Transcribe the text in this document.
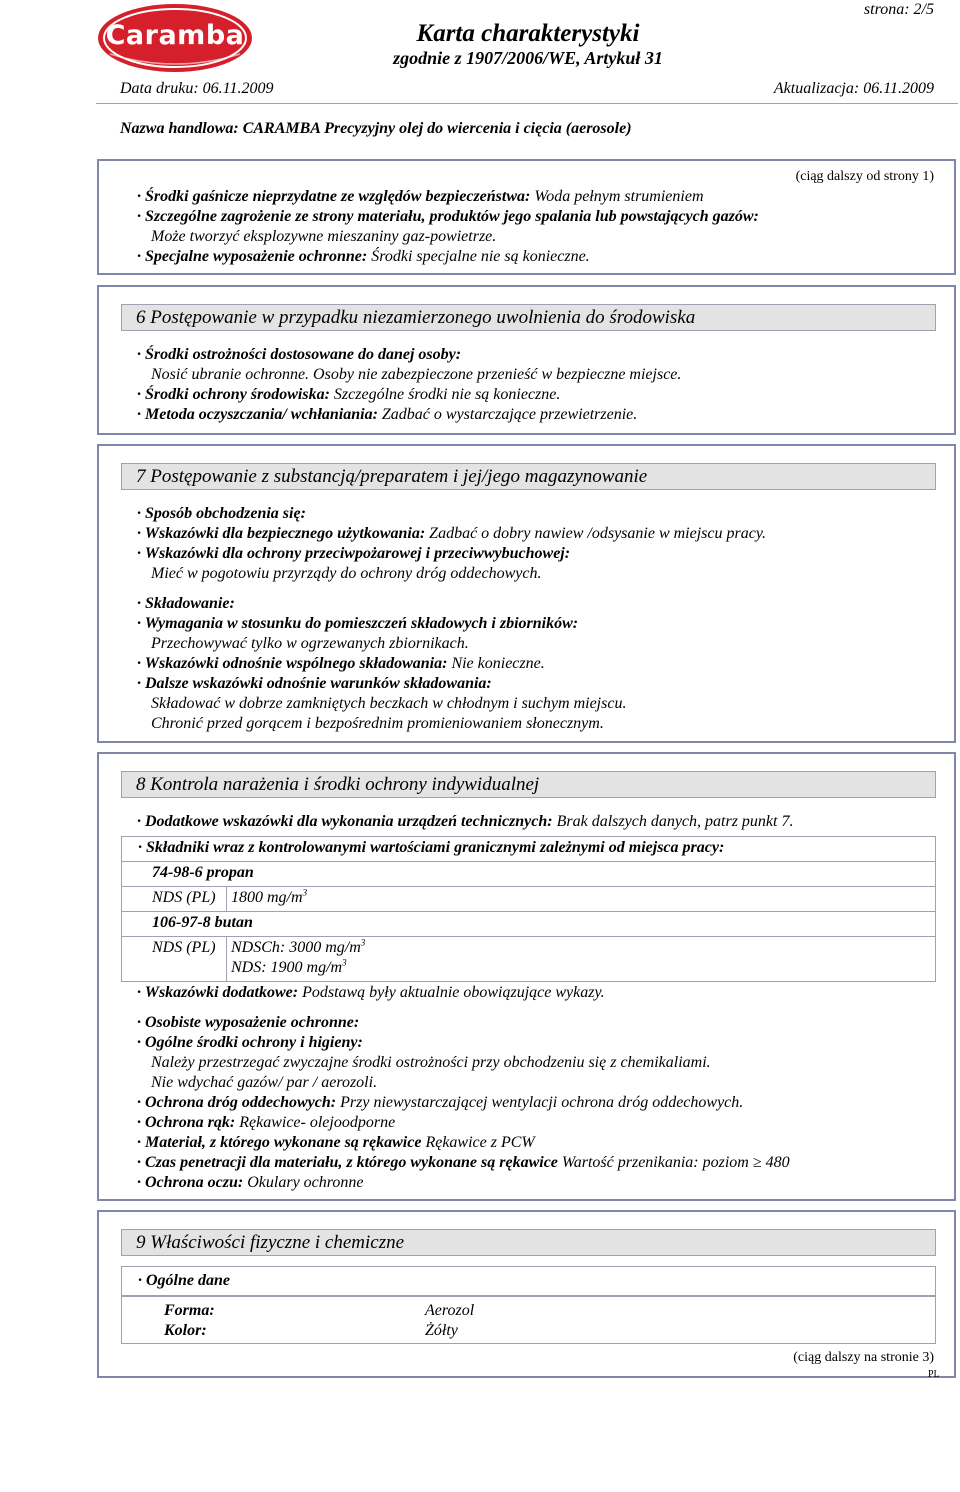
Caramba	Karta charakterystyki
zgodnie z 1907/2006/WE, Artykuł 31
strona: 2/5
Data druku: 06.11.2009	Aktualizacja: 06.11.2009
Nazwa handlowa: CARAMBA Precyzyjny olej do wiercenia i cięcia (aerosole)
(ciąg dalszy od strony 1)
· Środki gaśnicze nieprzydatne ze względów bezpieczeństwa: Woda pełnym strumieniem
· Szczególne zagrożenie ze strony materiału, produktów jego spalania lub powstających gazów:
Może tworzyć eksplozywne mieszaniny gaz-powietrze.
· Specjalne wyposażenie ochronne: Środki specjalne nie są konieczne.
6 Postępowanie w przypadku niezamierzonego uwolnienia do środowiska
· Środki ostrożności dostosowane do danej osoby:
Nosić ubranie ochronne. Osoby nie zabezpieczone przenieść w bezpieczne miejsce.
· Środki ochrony środowiska: Szczególne środki nie są konieczne.
· Metoda oczyszczania/ wchłaniania: Zadbać o wystarczające przewietrzenie.
7 Postępowanie z substancją/preparatem i jej/jego magazynowanie
· Sposób obchodzenia się:
· Wskazówki dla bezpiecznego użytkowania: Zadbać o dobry nawiew /odsysanie w miejscu pracy.
· Wskazówki dla ochrony przeciwpożarowej i przeciwwybuchowej:
Mieć w pogotowiu przyrządy do ochrony dróg oddechowych.
· Składowanie:
· Wymagania w stosunku do pomieszczeń składowych i zbiorników:
Przechowywać tylko w ogrzewanych zbiornikach.
· Wskazówki odnośnie wspólnego składowania: Nie konieczne.
· Dalsze wskazówki odnośnie warunków składowania:
Składować w dobrze zamkniętych beczkach w chłodnym i suchym miejscu.
Chronić przed gorącem i bezpośrednim promieniowaniem słonecznym.
8 Kontrola narażenia i środki ochrony indywidualnej
· Dodatkowe wskazówki dla wykonania urządzeń technicznych: Brak dalszych danych, patrz punkt 7.
· Składniki wraz z kontrolowanymi wartościami granicznymi zależnymi od miejsca pracy:
74-98-6 propan
NDS (PL) 1800 $mg/m^3$
106-97-8 butan
NDS (PL) NDSCh: 3000 $mg/m^3$
NDS: 1900 $mg/m^3$
· Wskazówki dodatkowe: Podstawą były aktualnie obowiązujące wykazy.
· Osobiste wyposażenie ochronne:
· Ogólne środki ochrony i higieny:
Należy przestrzegać zwyczajne środki ostrożności przy obchodzeniu się z chemikaliami.
Nie wdychać gazów/ par / aerozoli.
· Ochrona dróg oddechowych: Przy niewystarczającej wentylacji ochrona dróg oddechowych.
· Ochrona rąk: Rękawice- olejoodporne
· Materiał, z którego wykonane są rękawice Rękawice z PCW
· Czas penetracji dla materiału, z którego wykonane są rękawice Wartość przenikania: poziom ≥ 480
· Ochrona oczu: Okulary ochronne
9 Właściwości fizyczne i chemiczne
· Ogólne dane
Forma:	Aerozol
Kolor:	Żółty
(ciąg dalszy na stronie 3)
PL
